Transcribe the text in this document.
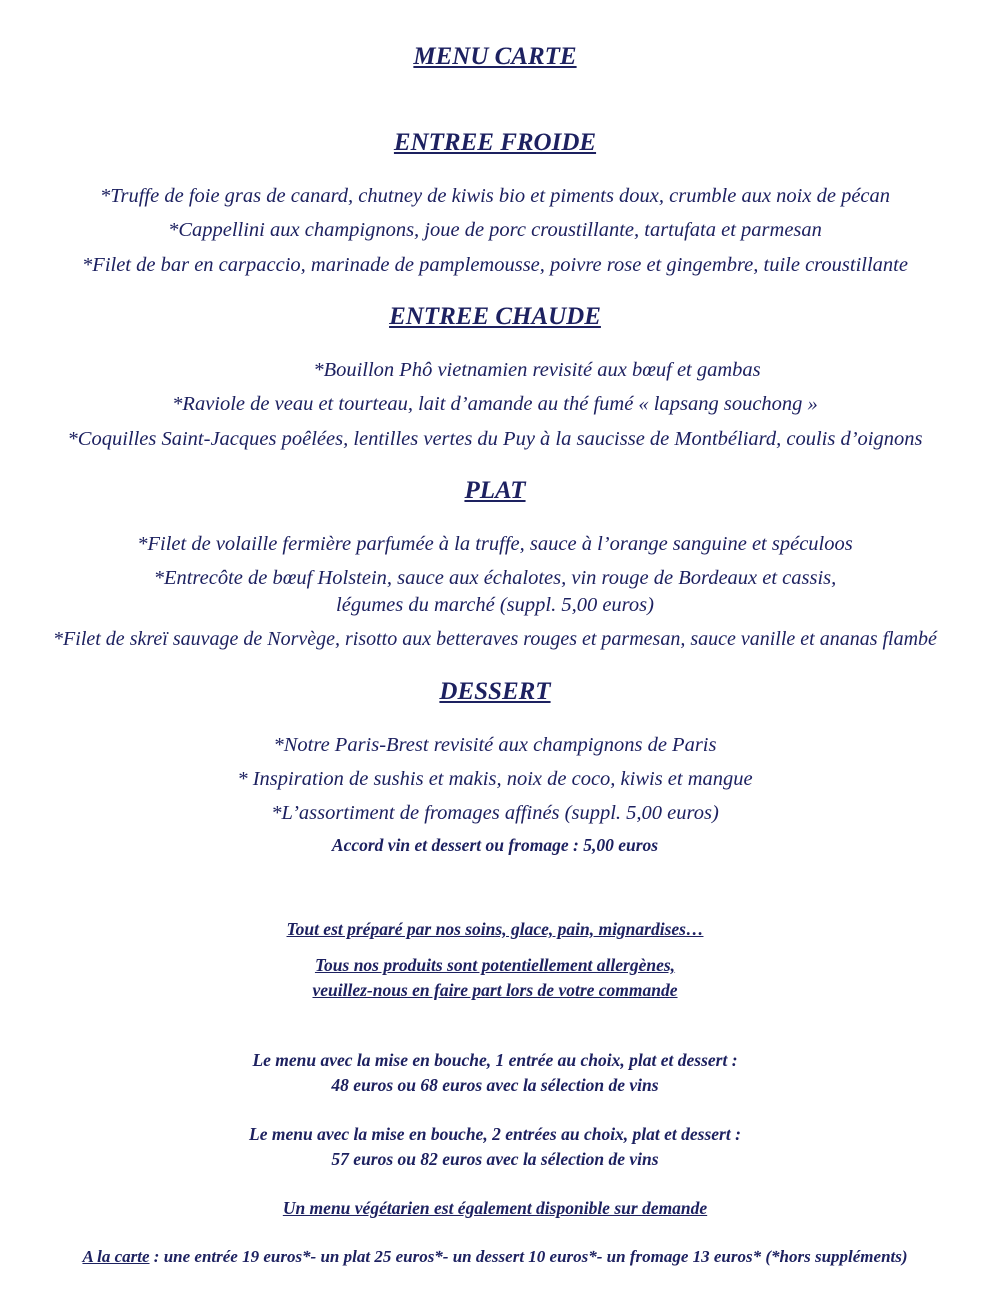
MENU CARTE
ENTREE FROIDE
*Truffe de foie gras de canard, chutney de kiwis bio et piments doux, crumble aux noix de pécan
*Cappellini aux champignons, joue de porc croustillante, tartufata et parmesan
*Filet de bar en carpaccio, marinade de pamplemousse, poivre rose et gingembre, tuile croustillante
ENTREE CHAUDE
*Bouillon Phô vietnamien revisité aux bœuf et gambas
*Raviole de veau et tourteau, lait d’amande au thé fumé « lapsang souchong »
*Coquilles Saint-Jacques poêlées, lentilles vertes du Puy à la saucisse de Montbéliard, coulis d’oignons
PLAT
*Filet de volaille fermière parfumée à la truffe, sauce à l’orange sanguine et spéculoos
*Entrecôte de bœuf Holstein, sauce aux échalotes, vin rouge de Bordeaux et cassis,
légumes du marché (suppl. 5,00 euros)
*Filet de skreï sauvage de Norvège, risotto aux betteraves rouges et parmesan, sauce vanille et ananas flambé
DESSERT
*Notre Paris-Brest revisité aux champignons de Paris
* Inspiration de sushis et makis, noix de coco, kiwis et mangue
*L’assortiment de fromages affinés (suppl. 5,00 euros)
Accord vin et dessert ou fromage : 5,00 euros
Tout est préparé par nos soins, glace, pain, mignardises…
Tous nos produits sont potentiellement allergènes,
veuillez-nous en faire part lors de votre commande
Le menu avec la mise en bouche, 1 entrée au choix, plat et dessert :
48 euros ou 68 euros avec la sélection de vins
Le menu avec la mise en bouche, 2 entrées au choix, plat et dessert :
57 euros ou 82 euros avec la sélection de vins
Un menu végétarien est également disponible sur demande
A la carte : une entrée 19 euros*- un plat 25 euros*- un dessert 10 euros*- un fromage 13 euros* (*hors suppléments)
